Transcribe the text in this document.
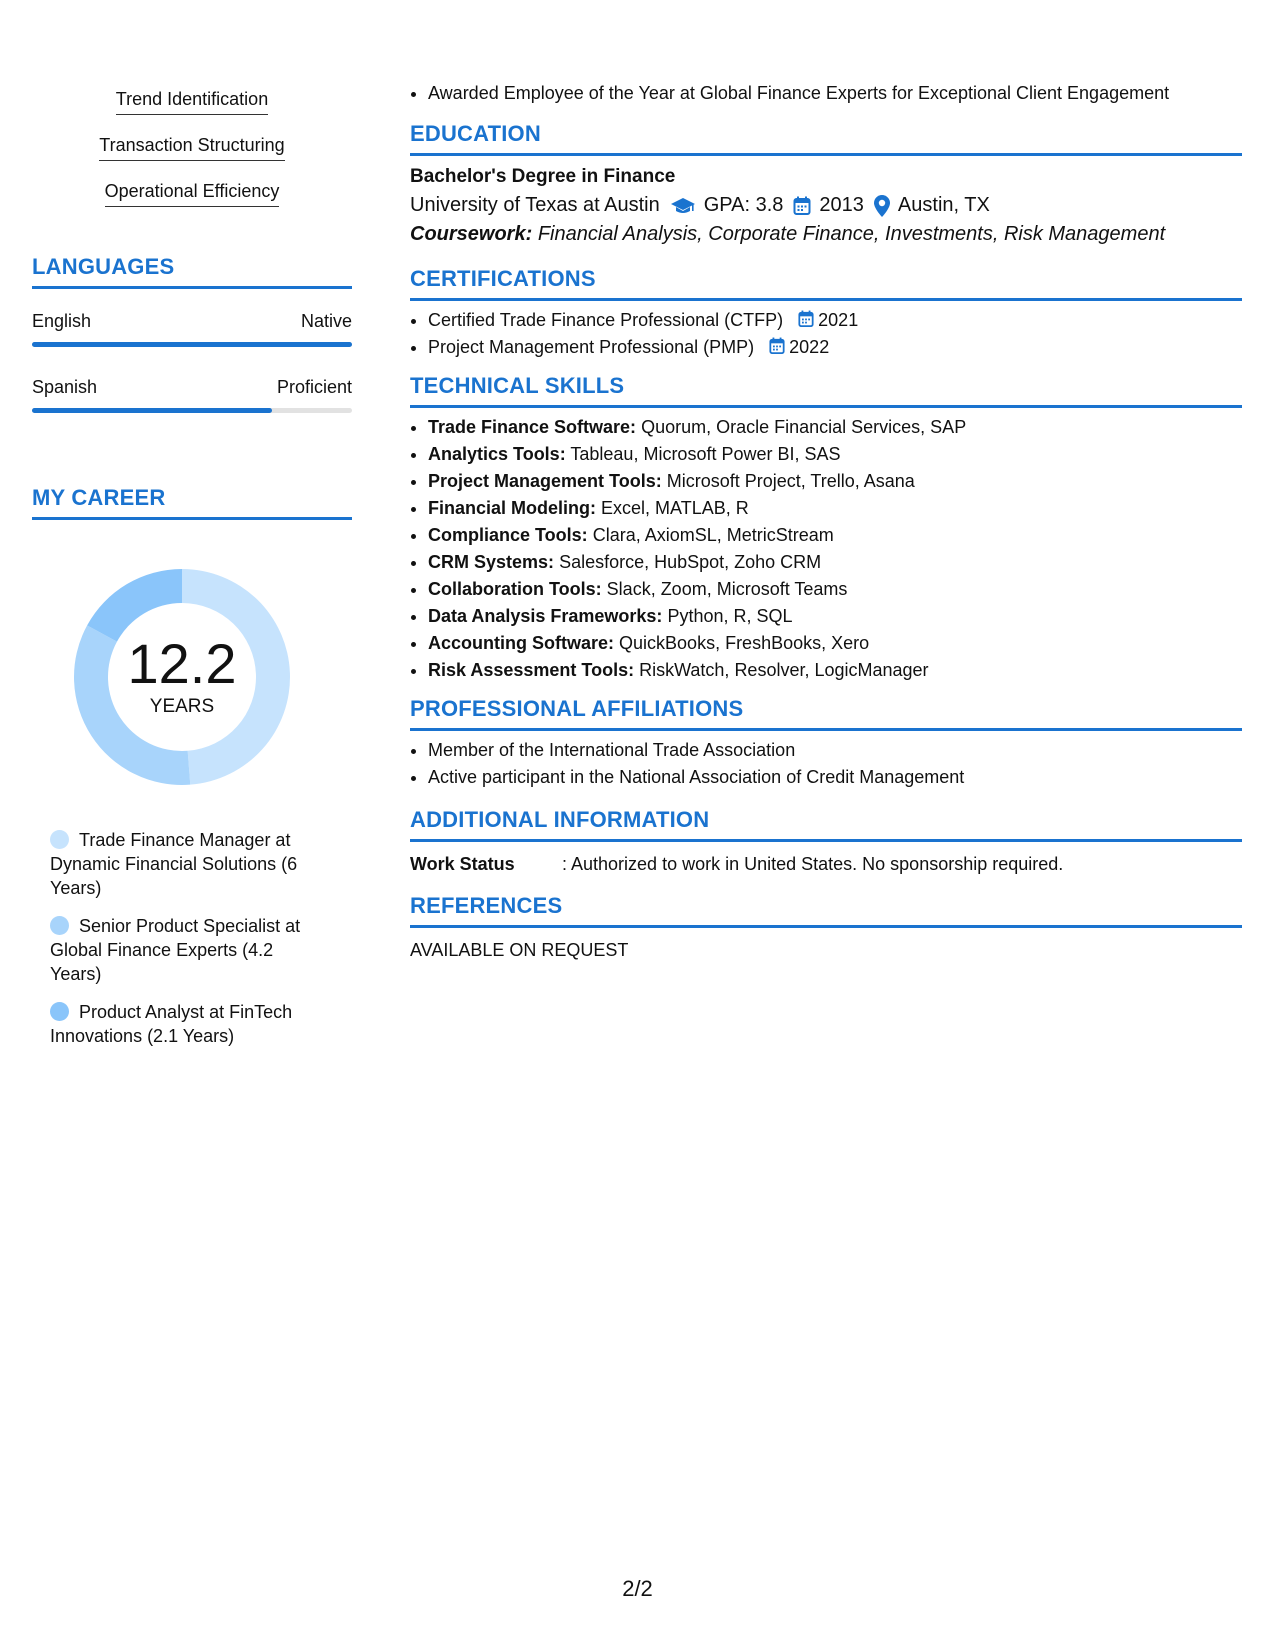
Trend Identification
Transaction Structuring
Operational Efficiency
LANGUAGES
English	Native
Spanish	Proficient
MY CAREER
12.2
YEARS
Trade Finance Manager at Dynamic Financial Solutions (6 Years)
Senior Product Specialist at Global Finance Experts (4.2 Years)
Product Analyst at FinTech Innovations (2.1 Years)
• Awarded Employee of the Year at Global Finance Experts for Exceptional Client Engagement
EDUCATION
Bachelor's Degree in Finance
University of Texas at Austin GPA: 3.8 2013 Austin, TX
Coursework: Financial Analysis, Corporate Finance, Investments, Risk Management
CERTIFICATIONS
• Certified Trade Finance Professional (CTFP) 2021
• Project Management Professional (PMP) 2022
TECHNICAL SKILLS
• Trade Finance Software: Quorum, Oracle Financial Services, SAP
• Analytics Tools: Tableau, Microsoft Power BI, SAS
• Project Management Tools: Microsoft Project, Trello, Asana
• Financial Modeling: Excel, MATLAB, R
• Compliance Tools: Clara, AxiomSL, MetricStream
• CRM Systems: Salesforce, HubSpot, Zoho CRM
• Collaboration Tools: Slack, Zoom, Microsoft Teams
• Data Analysis Frameworks: Python, R, SQL
• Accounting Software: QuickBooks, FreshBooks, Xero
• Risk Assessment Tools: RiskWatch, Resolver, LogicManager
PROFESSIONAL AFFILIATIONS
• Member of the International Trade Association
• Active participant in the National Association of Credit Management
ADDITIONAL INFORMATION
Work Status	: Authorized to work in United States. No sponsorship required.
REFERENCES
AVAILABLE ON REQUEST
2/2
